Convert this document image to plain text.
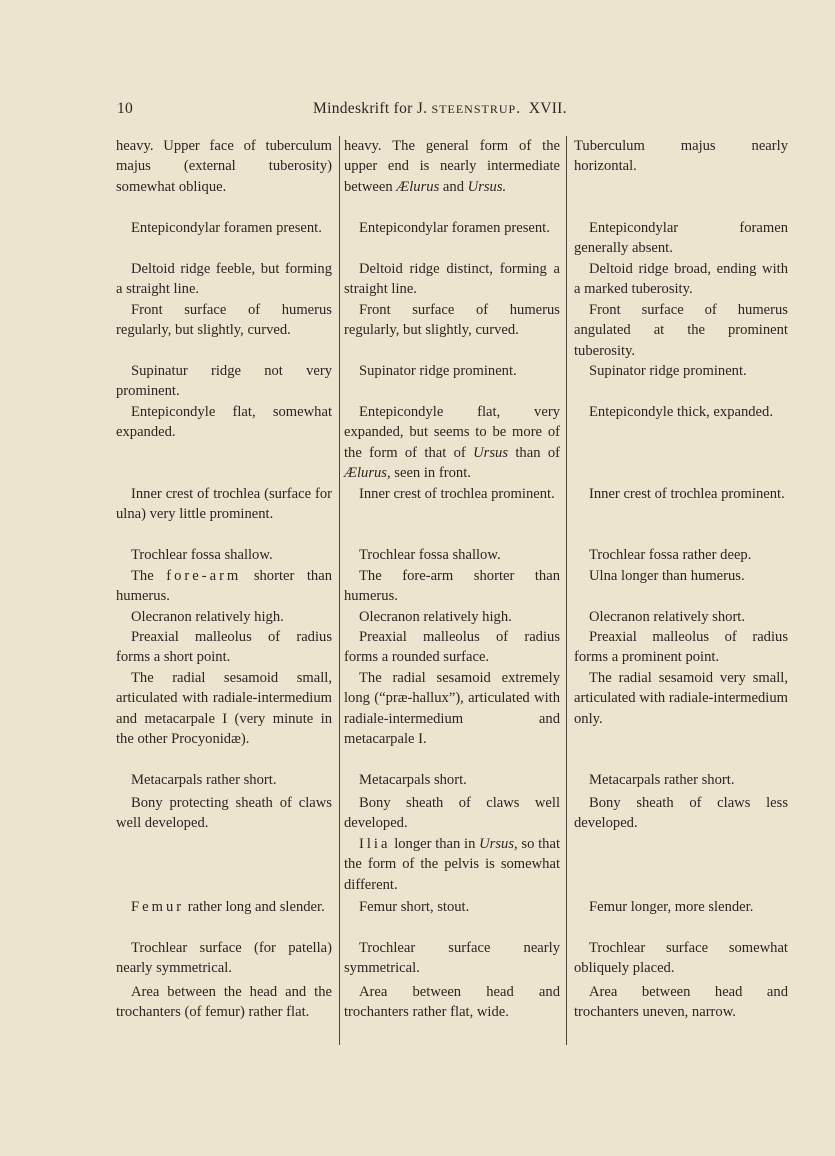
10	Mindeskrift for J. STEENSTRUP.  XVII.

heavy. Upper face of tuberculum majus (external tuberosity) somewhat oblique.

Entepicondylar foramen present.

Deltoid ridge feeble, but forming a straight line.

Front surface of humerus regularly, but slightly, curved.

Supinatur ridge not very prominent.

Entepicondyle flat, somewhat expanded.

Inner crest of trochlea (surface for ulna) very little prominent.

Trochlear fossa shallow.

The fore-arm shorter than humerus.

Olecranon relatively high.

Preaxial malleolus of radius forms a short point.

The radial sesamoid small, articulated with radiale-intermedium and metacarpale I (very minute in the other Procyonidæ).

Metacarpals rather short.

Bony protecting sheath of claws well developed.

Femur rather long and slender.

Trochlear surface (for patella) nearly symmetrical.

Area between the head and the trochanters (of femur) rather flat.

heavy. The general form of the upper end is nearly intermediate between Ælurus and Ursus.

Entepicondylar foramen present.

Deltoid ridge distinct, forming a straight line.

Front surface of humerus regularly, but slightly, curved.

Supinator ridge prominent.

Entepicondyle flat, very expanded, but seems to be more of the form of that of Ursus than of Ælurus, seen in front.

Inner crest of trochlea prominent.

Trochlear fossa shallow.

The fore-arm shorter than humerus.

Olecranon relatively high.

Preaxial malleolus of radius forms a rounded surface.

The radial sesamoid extremely long (“præ-hallux”), articulated with radiale-intermedium and metacarpale I.

Metacarpals short.

Bony sheath of claws well developed.

Ilia longer than in Ursus, so that the form of the pelvis is somewhat different.

Femur short, stout.

Trochlear surface nearly symmetrical.

Area between head and trochanters rather flat, wide.

Tuberculum majus nearly horizontal.

Entepicondylar foramen generally absent.

Deltoid ridge broad, ending with a marked tuberosity.

Front surface of humerus angulated at the prominent tuberosity.

Supinator ridge prominent.

Entepicondyle thick, expanded.

Inner crest of trochlea prominent.

Trochlear fossa rather deep.

Ulna longer than humerus.

Olecranon relatively short.

Preaxial malleolus of radius forms a prominent point.

The radial sesamoid very small, articulated with radiale-intermedium only.

Metacarpals rather short.

Bony sheath of claws less developed.

Femur longer, more slender.

Trochlear surface somewhat obliquely placed.

Area between head and trochanters uneven, narrow.
